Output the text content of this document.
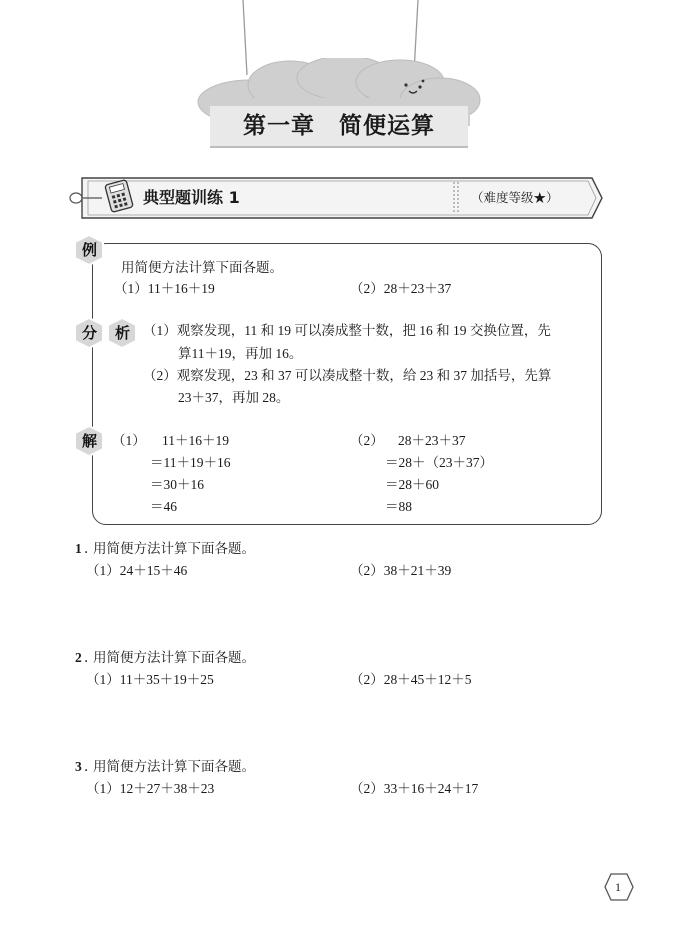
第一章　简便运算
典型题训练 1	（难度等级★）
例
用简便方法计算下面各题。
（1）11＋16＋19	（2）28＋23＋37
分 析 （1）观察发现，11 和 19 可以凑成整十数，把 16 和 19 交换位置，先
算11＋19，再加 16。
（2）观察发现，23 和 37 可以凑成整十数，给 23 和 37 加括号，先算
23＋37，再加 28。
解 （1） 11＋16＋19
＝11＋19＋16
＝30＋16
＝46
（2） 28＋23＋37
＝28＋（23＋37）
＝28＋60
＝88
1 . 用简便方法计算下面各题。
（1）24＋15＋46	（2）38＋21＋39
2 . 用简便方法计算下面各题。
（1）11＋35＋19＋25	（2）28＋45＋12＋5
3 . 用简便方法计算下面各题。
（1）12＋27＋38＋23	（2）33＋16＋24＋17
1
